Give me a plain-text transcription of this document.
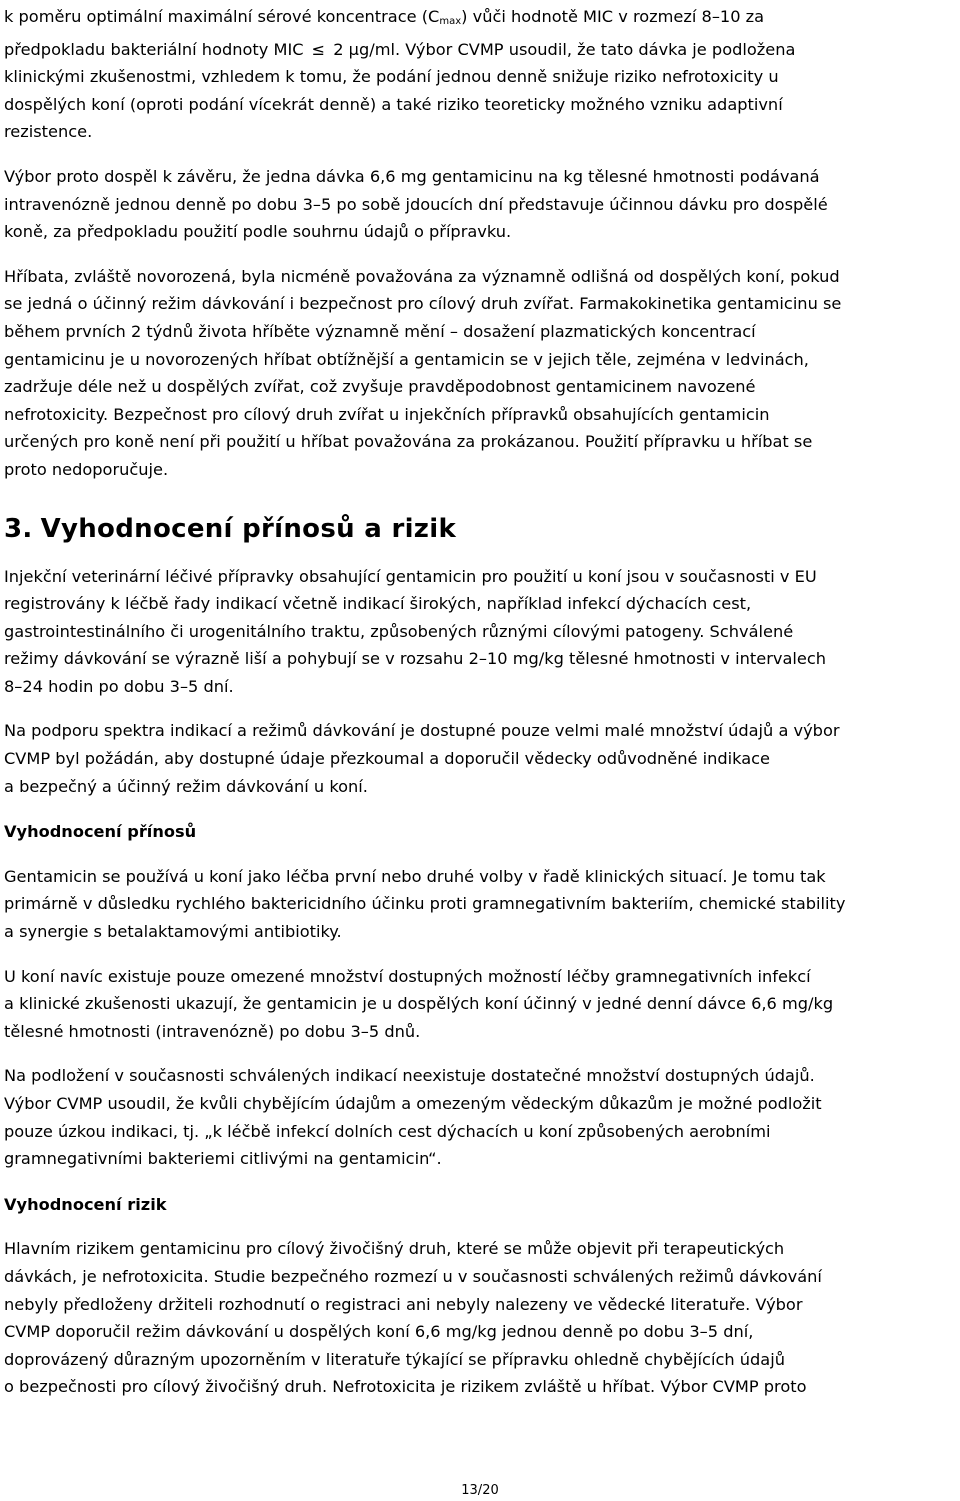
k poměru optimální maximální sérové koncentrace $(C_{max})$ vůči hodnotě MIC v rozmezí 8–10 za
předpokladu bakteriální hodnoty MIC ≤ 2 µg/ml. Výbor CVMP usoudil, že tato dávka je podložena
klinickými zkušenostmi, vzhledem k tomu, že podání jednou denně snižuje riziko nefrotoxicity u
dospělých koní (oproti podání vícekrát denně) a také riziko teoreticky možného vzniku adaptivní
rezistence.

Výbor proto dospěl k závěru, že jedna dávka 6,6 mg gentamicinu na kg tělesné hmotnosti podávaná
intravenózně jednou denně po dobu 3–5 po sobě jdoucích dní představuje účinnou dávku pro dospělé
koně, za předpokladu použití podle souhrnu údajů o přípravku.

Hříbata, zvláště novorozená, byla nicméně považována za významně odlišná od dospělých koní, pokud
se jedná o účinný režim dávkování i bezpečnost pro cílový druh zvířat. Farmakokinetika gentamicinu se
během prvních 2 týdnů života hříběte významně mění – dosažení plazmatických koncentrací
gentamicinu je u novorozených hříbat obtížnější a gentamicin se v jejich těle, zejména v ledvinách,
zadržuje déle než u dospělých zvířat, což zvyšuje pravděpodobnost gentamicinem navozené
nefrotoxicity. Bezpečnost pro cílový druh zvířat u injekčních přípravků obsahujících gentamicin
určených pro koně není při použití u hříbat považována za prokázanou. Použití přípravku u hříbat se
proto nedoporučuje.

3. Vyhodnocení přínosů a rizik

Injekční veterinární léčivé přípravky obsahující gentamicin pro použití u koní jsou v současnosti v EU
registrovány k léčbě řady indikací včetně indikací širokých, například infekcí dýchacích cest,
gastrointestinálního či urogenitálního traktu, způsobených různými cílovými patogeny. Schválené
režimy dávkování se výrazně liší a pohybují se v rozsahu 2–10 mg/kg tělesné hmotnosti v intervalech
8–24 hodin po dobu 3–5 dní.

Na podporu spektra indikací a režimů dávkování je dostupné pouze velmi malé množství údajů a výbor
CVMP byl požádán, aby dostupné údaje přezkoumal a doporučil vědecky odůvodněné indikace
a bezpečný a účinný režim dávkování u koní.

Vyhodnocení přínosů

Gentamicin se používá u koní jako léčba první nebo druhé volby v řadě klinických situací. Je tomu tak
primárně v důsledku rychlého baktericidního účinku proti gramnegativním bakteriím, chemické stability
a synergie s betalaktamovými antibiotiky.

U koní navíc existuje pouze omezené množství dostupných možností léčby gramnegativních infekcí
a klinické zkušenosti ukazují, že gentamicin je u dospělých koní účinný v jedné denní dávce 6,6 mg/kg
tělesné hmotnosti (intravenózně) po dobu 3–5 dnů.

Na podložení v současnosti schválených indikací neexistuje dostatečné množství dostupných údajů.
Výbor CVMP usoudil, že kvůli chybějícím údajům a omezeným vědeckým důkazům je možné podložit
pouze úzkou indikaci, tj. „k léčbě infekcí dolních cest dýchacích u koní způsobených aerobními
gramnegativními bakteriemi citlivými na gentamicin“.

Vyhodnocení rizik

Hlavním rizikem gentamicinu pro cílový živočišný druh, které se může objevit při terapeutických
dávkách, je nefrotoxicita. Studie bezpečného rozmezí u v současnosti schválených režimů dávkování
nebyly předloženy držiteli rozhodnutí o registraci ani nebyly nalezeny ve vědecké literatuře. Výbor
CVMP doporučil režim dávkování u dospělých koní 6,6 mg/kg jednou denně po dobu 3–5 dní,
doprovázený důrazným upozorněním v literatuře týkající se přípravku ohledně chybějících údajů
o bezpečnosti pro cílový živočišný druh. Nefrotoxicita je rizikem zvláště u hříbat. Výbor CVMP proto

13/20
